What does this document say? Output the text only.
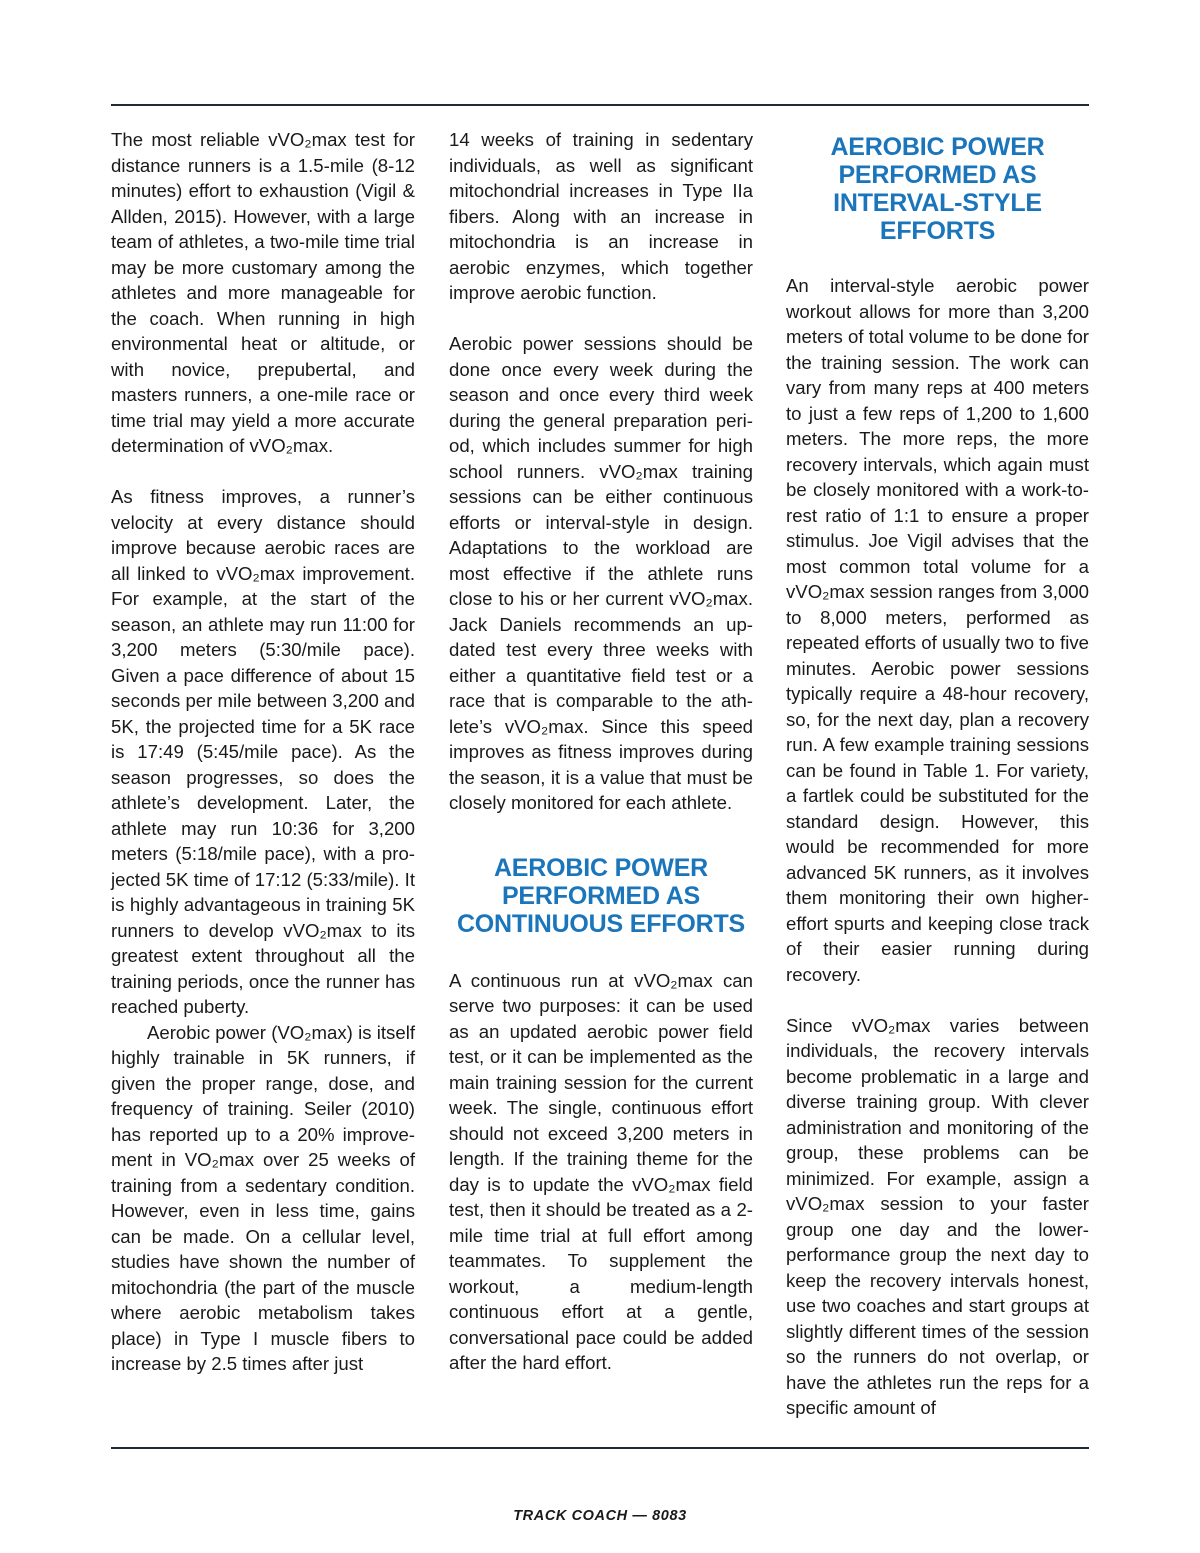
The most reliable vVO₂max test for distance runners is a 1.5-mile (8-12 minutes) effort to exhaustion (Vigil & Allden, 2015). However, with a large team of athletes, a two-mile time trial may be more customary among the athletes and more manageable for the coach. When running in high environmental heat or altitude, or with novice, prepubertal, and masters runners, a one-mile race or time trial may yield a more accurate determination of vVO₂max.

As fitness improves, a runner’s velocity at every distance should improve because aerobic races are all linked to vVO₂max improvement. For example, at the start of the season, an athlete may run 11:00 for 3,200 meters (5:30/mile pace). Given a pace difference of about 15 seconds per mile between 3,200 and 5K, the projected time for a 5K race is 17:49 (5:45/mile pace). As the season progresses, so does the athlete’s development. Later, the athlete may run 10:36 for 3,200 meters (5:18/mile pace), with a projected 5K time of 17:12 (5:33/mile). It is highly advantageous in training 5K runners to develop vVO₂max to its greatest extent throughout all the training periods, once the runner has reached puberty.

Aerobic power (VO₂max) is itself highly trainable in 5K runners, if given the proper range, dose, and frequency of training. Seiler (2010) has reported up to a 20% improvement in VO₂max over 25 weeks of training from a sedentary condition. However, even in less time, gains can be made. On a cellular level, studies have shown the number of mitochondria (the part of the muscle where aerobic metabolism takes place) in Type I muscle fibers to increase by 2.5 times after just

14 weeks of training in sedentary individuals, as well as significant mitochondrial increases in Type IIa fibers. Along with an increase in mitochondria is an increase in aerobic enzymes, which together improve aerobic function.

Aerobic power sessions should be done once every week during the season and once every third week during the general preparation period, which includes summer for high school runners. vVO₂max training sessions can be either continuous efforts or interval-style in design. Adaptations to the workload are most effective if the athlete runs close to his or her current vVO₂max. Jack Daniels recommends an updated test every three weeks with either a quantitative field test or a race that is comparable to the athlete’s vVO₂max. Since this speed improves as fitness improves during the season, it is a value that must be closely monitored for each athlete.

AEROBIC POWER PERFORMED AS CONTINUOUS EFFORTS

A continuous run at vVO₂max can serve two purposes: it can be used as an updated aerobic power field test, or it can be implemented as the main training session for the current week. The single, continuous effort should not exceed 3,200 meters in length. If the training theme for the day is to update the vVO₂max field test, then it should be treated as a 2-mile time trial at full effort among teammates. To supplement the workout, a medium-length continuous effort at a gentle, conversational pace could be added after the hard effort.

AEROBIC POWER PERFORMED AS INTERVAL-STYLE EFFORTS

An interval-style aerobic power workout allows for more than 3,200 meters of total volume to be done for the training session. The work can vary from many reps at 400 meters to just a few reps of 1,200 to 1,600 meters. The more reps, the more recovery intervals, which again must be closely monitored with a work-to-rest ratio of 1:1 to ensure a proper stimulus. Joe Vigil advises that the most common total volume for a vVO₂max session ranges from 3,000 to 8,000 meters, performed as repeated efforts of usually two to five minutes. Aerobic power sessions typically require a 48-hour recovery, so, for the next day, plan a recovery run. A few example training sessions can be found in Table 1. For variety, a fartlek could be substituted for the standard design. However, this would be recommended for more advanced 5K runners, as it involves them monitoring their own higher-effort spurts and keeping close track of their easier running during recovery.

Since vVO₂max varies between individuals, the recovery intervals become problematic in a large and diverse training group. With clever administration and monitoring of the group, these problems can be minimized. For example, assign a vVO₂max session to your faster group one day and the lower-performance group the next day to keep the recovery intervals honest, use two coaches and start groups at slightly different times of the session so the runners do not overlap, or have the athletes run the reps for a specific amount of

TRACK COACH — 8083
